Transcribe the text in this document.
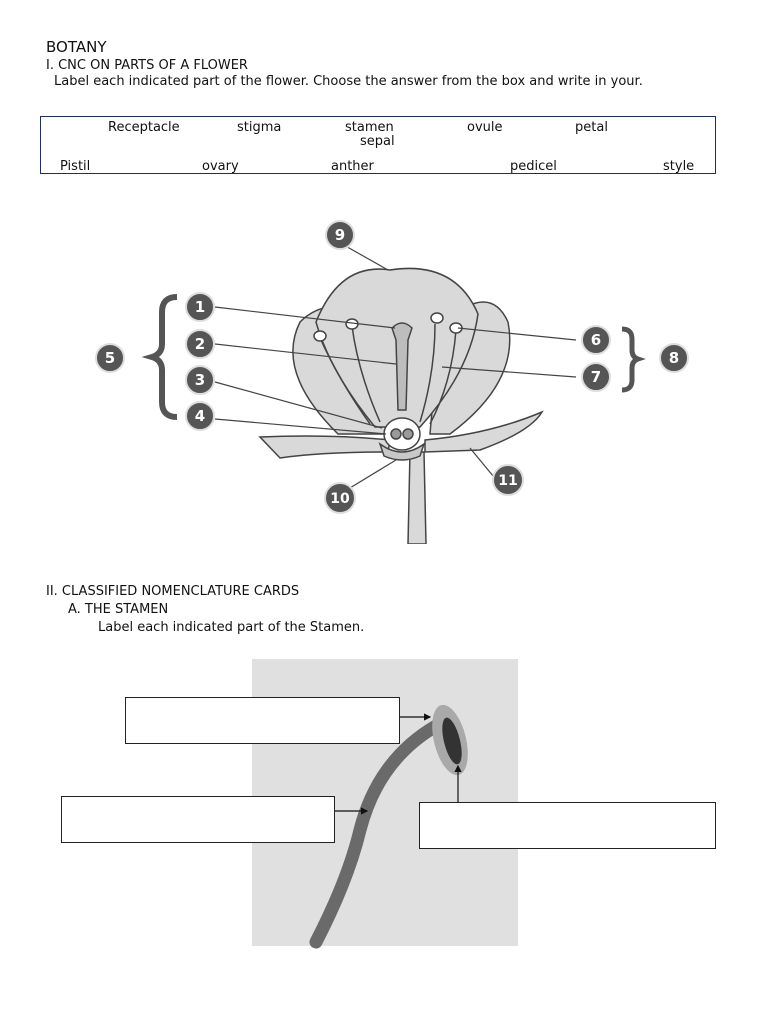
BOTANY
I. CNC ON PARTS OF A FLOWER
Label each indicated part of the flower. Choose the answer from the box and write in your.
Receptacle	stigma	stamen	ovule	petal
sepal
Pistil	ovary	anther	pedicel	style
1
2
3
4
5
6
7
8
9
10
11
II. CLASSIFIED NOMENCLATURE CARDS
A. THE STAMEN
Label each indicated part of the Stamen.
